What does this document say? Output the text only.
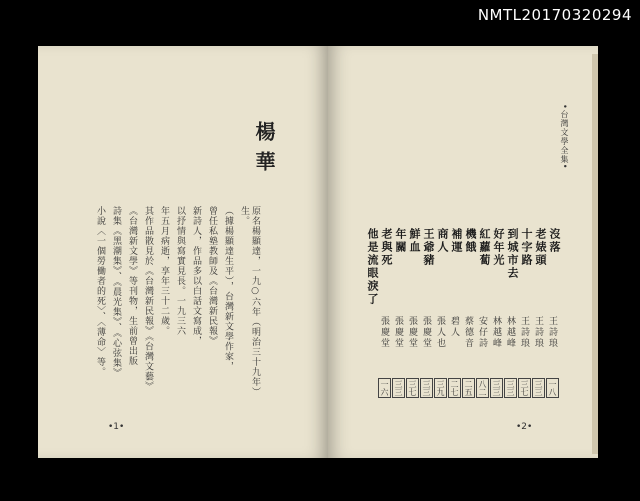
NMTL20170320294
楊華
原名楊顯達，一九○六年（明治三十九年）生。
（據楊顯達生平），台灣新文學作家，
曾任私塾教師及《台灣新民報》
新詩人，作品多以白話文寫成，
以抒情與寫實見長。一九三六
年五月病逝，享年三十二歲。
其作品散見於《台灣新民報》《台灣文藝》
《台灣新文學》等刊物，生前曾出版
詩集《黑潮集》、《晨光集》、《心弦集》
小說〈一個勞働者的死〉、〈薄命〉等。
•1•
•台灣文學全集•
沒落
王詩琅
一八
老婊頭
王詩琅
三三
十字路
王詩琅
三七
到城市去
林越峰
三三
好年光
林越峰
三三
紅蘿蔔
安仔詩
八二
機餓
蔡德音
二五
補運
碧人
二七
商人
張人也
三九
王爺豬
張慶堂
三三
鮮血
張慶堂
三七
年關
張慶堂
三三
老與死
張慶堂
一六
他是流眼淚了
•2•
